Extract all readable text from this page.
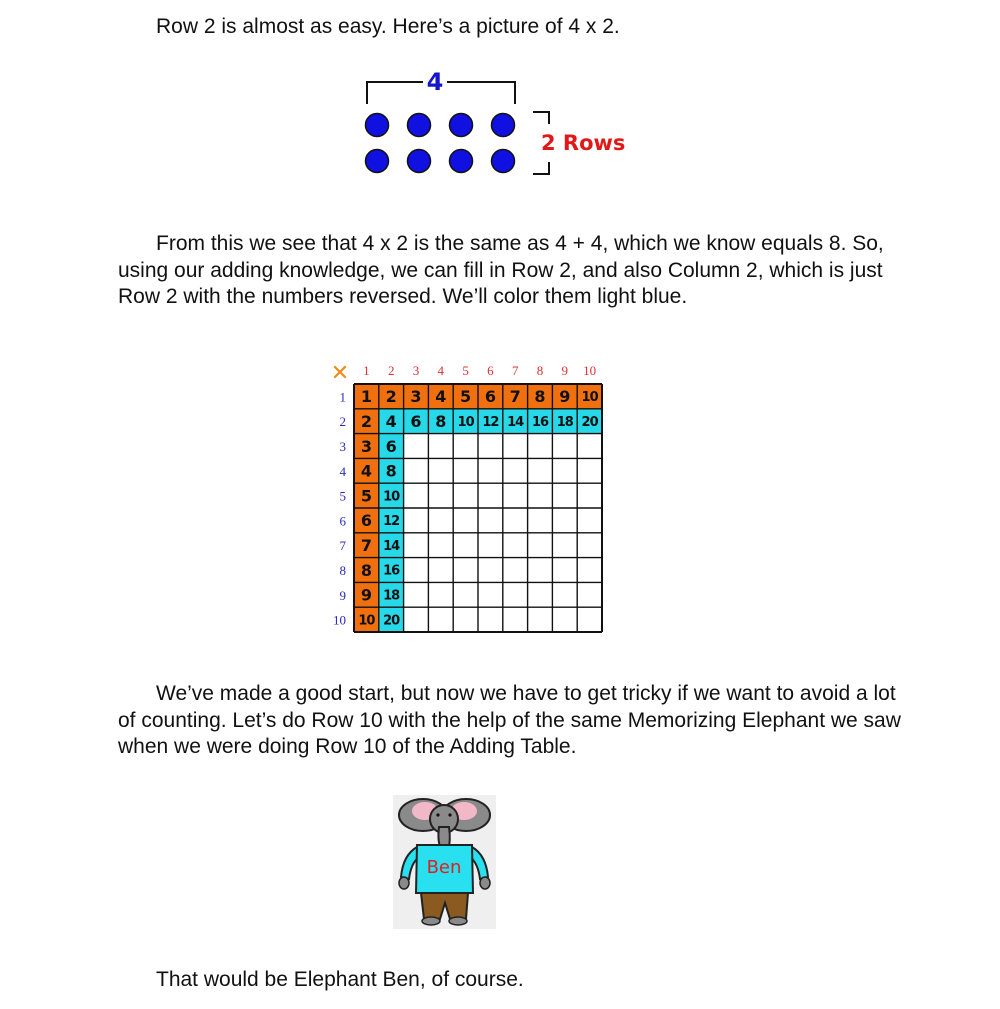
Row 2 is almost as easy. Here’s a picture of 4 x 2.

4
2 Rows

From this we see that 4 x 2 is the same as 4 + 4, which we know equals 8. So, using our adding knowledge, we can fill in Row 2, and also Column 2, which is just Row 2 with the numbers reversed. We’ll color them light blue.

✕ 1 2 3 4 5 6 7 8 9 10
1
2
3
4
5
6
7
8
9
10
1 2 3 4 5 6 7 8 9 10
2 4 6 8 10 12 14 16 18 20
3
4
5
6
7
8
9
10
6
8
10
12
14
16
18
20

We’ve made a good start, but now we have to get tricky if we want to avoid a lot of counting. Let’s do Row 10 with the help of the same Memorizing Elephant we saw when we were doing Row 10 of the Adding Table.

Ben

That would be Elephant Ben, of course.
